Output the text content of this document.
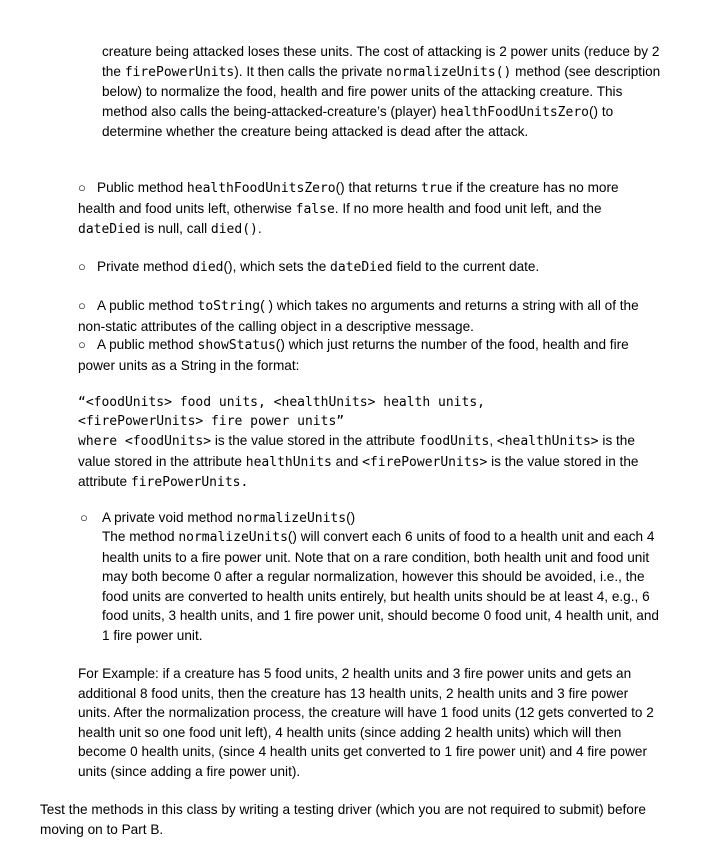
creature being attacked loses these units. The cost of attacking is 2 power units (reduce by 2 the firePowerUnits). It then calls the private normalizeUnits() method (see description below) to normalize the food, health and fire power units of the attacking creature. This method also calls the being-attacked-creature’s (player) healthFoodUnitsZero() to determine whether the creature being attacked is dead after the attack.

○ Public method healthFoodUnitsZero() that returns true if the creature has no more health and food units left, otherwise false. If no more health and food unit left, and the dateDied is null, call died().

○ Private method died(), which sets the dateDied field to the current date.

○ A public method toString( ) which takes no arguments and returns a string with all of the non-static attributes of the calling object in a descriptive message.

○ A public method showStatus() which just returns the number of the food, health and fire power units as a String in the format:

“<foodUnits> food units, <healthUnits> health units,

<firePowerUnits> fire power units”

where <foodUnits> is the value stored in the attribute foodUnits, <healthUnits> is the value stored in the attribute healthUnits and <firePowerUnits> is the value stored in the attribute firePowerUnits.

○ A private void method normalizeUnits()

The method normalizeUnits() will convert each 6 units of food to a health unit and each 4 health units to a fire power unit. Note that on a rare condition, both health unit and food unit may both become 0 after a regular normalization, however this should be avoided, i.e., the food units are converted to health units entirely, but health units should be at least 4, e.g., 6 food units, 3 health units, and 1 fire power unit, should become 0 food unit, 4 health unit, and 1 fire power unit.

For Example: if a creature has 5 food units, 2 health units and 3 fire power units and gets an additional 8 food units, then the creature has 13 health units, 2 health units and 3 fire power units. After the normalization process, the creature will have 1 food units (12 gets converted to 2 health unit so one food unit left), 4 health units (since adding 2 health units) which will then become 0 health units, (since 4 health units get converted to 1 fire power unit) and 4 fire power units (since adding a fire power unit).

Test the methods in this class by writing a testing driver (which you are not required to submit) before moving on to Part B.
